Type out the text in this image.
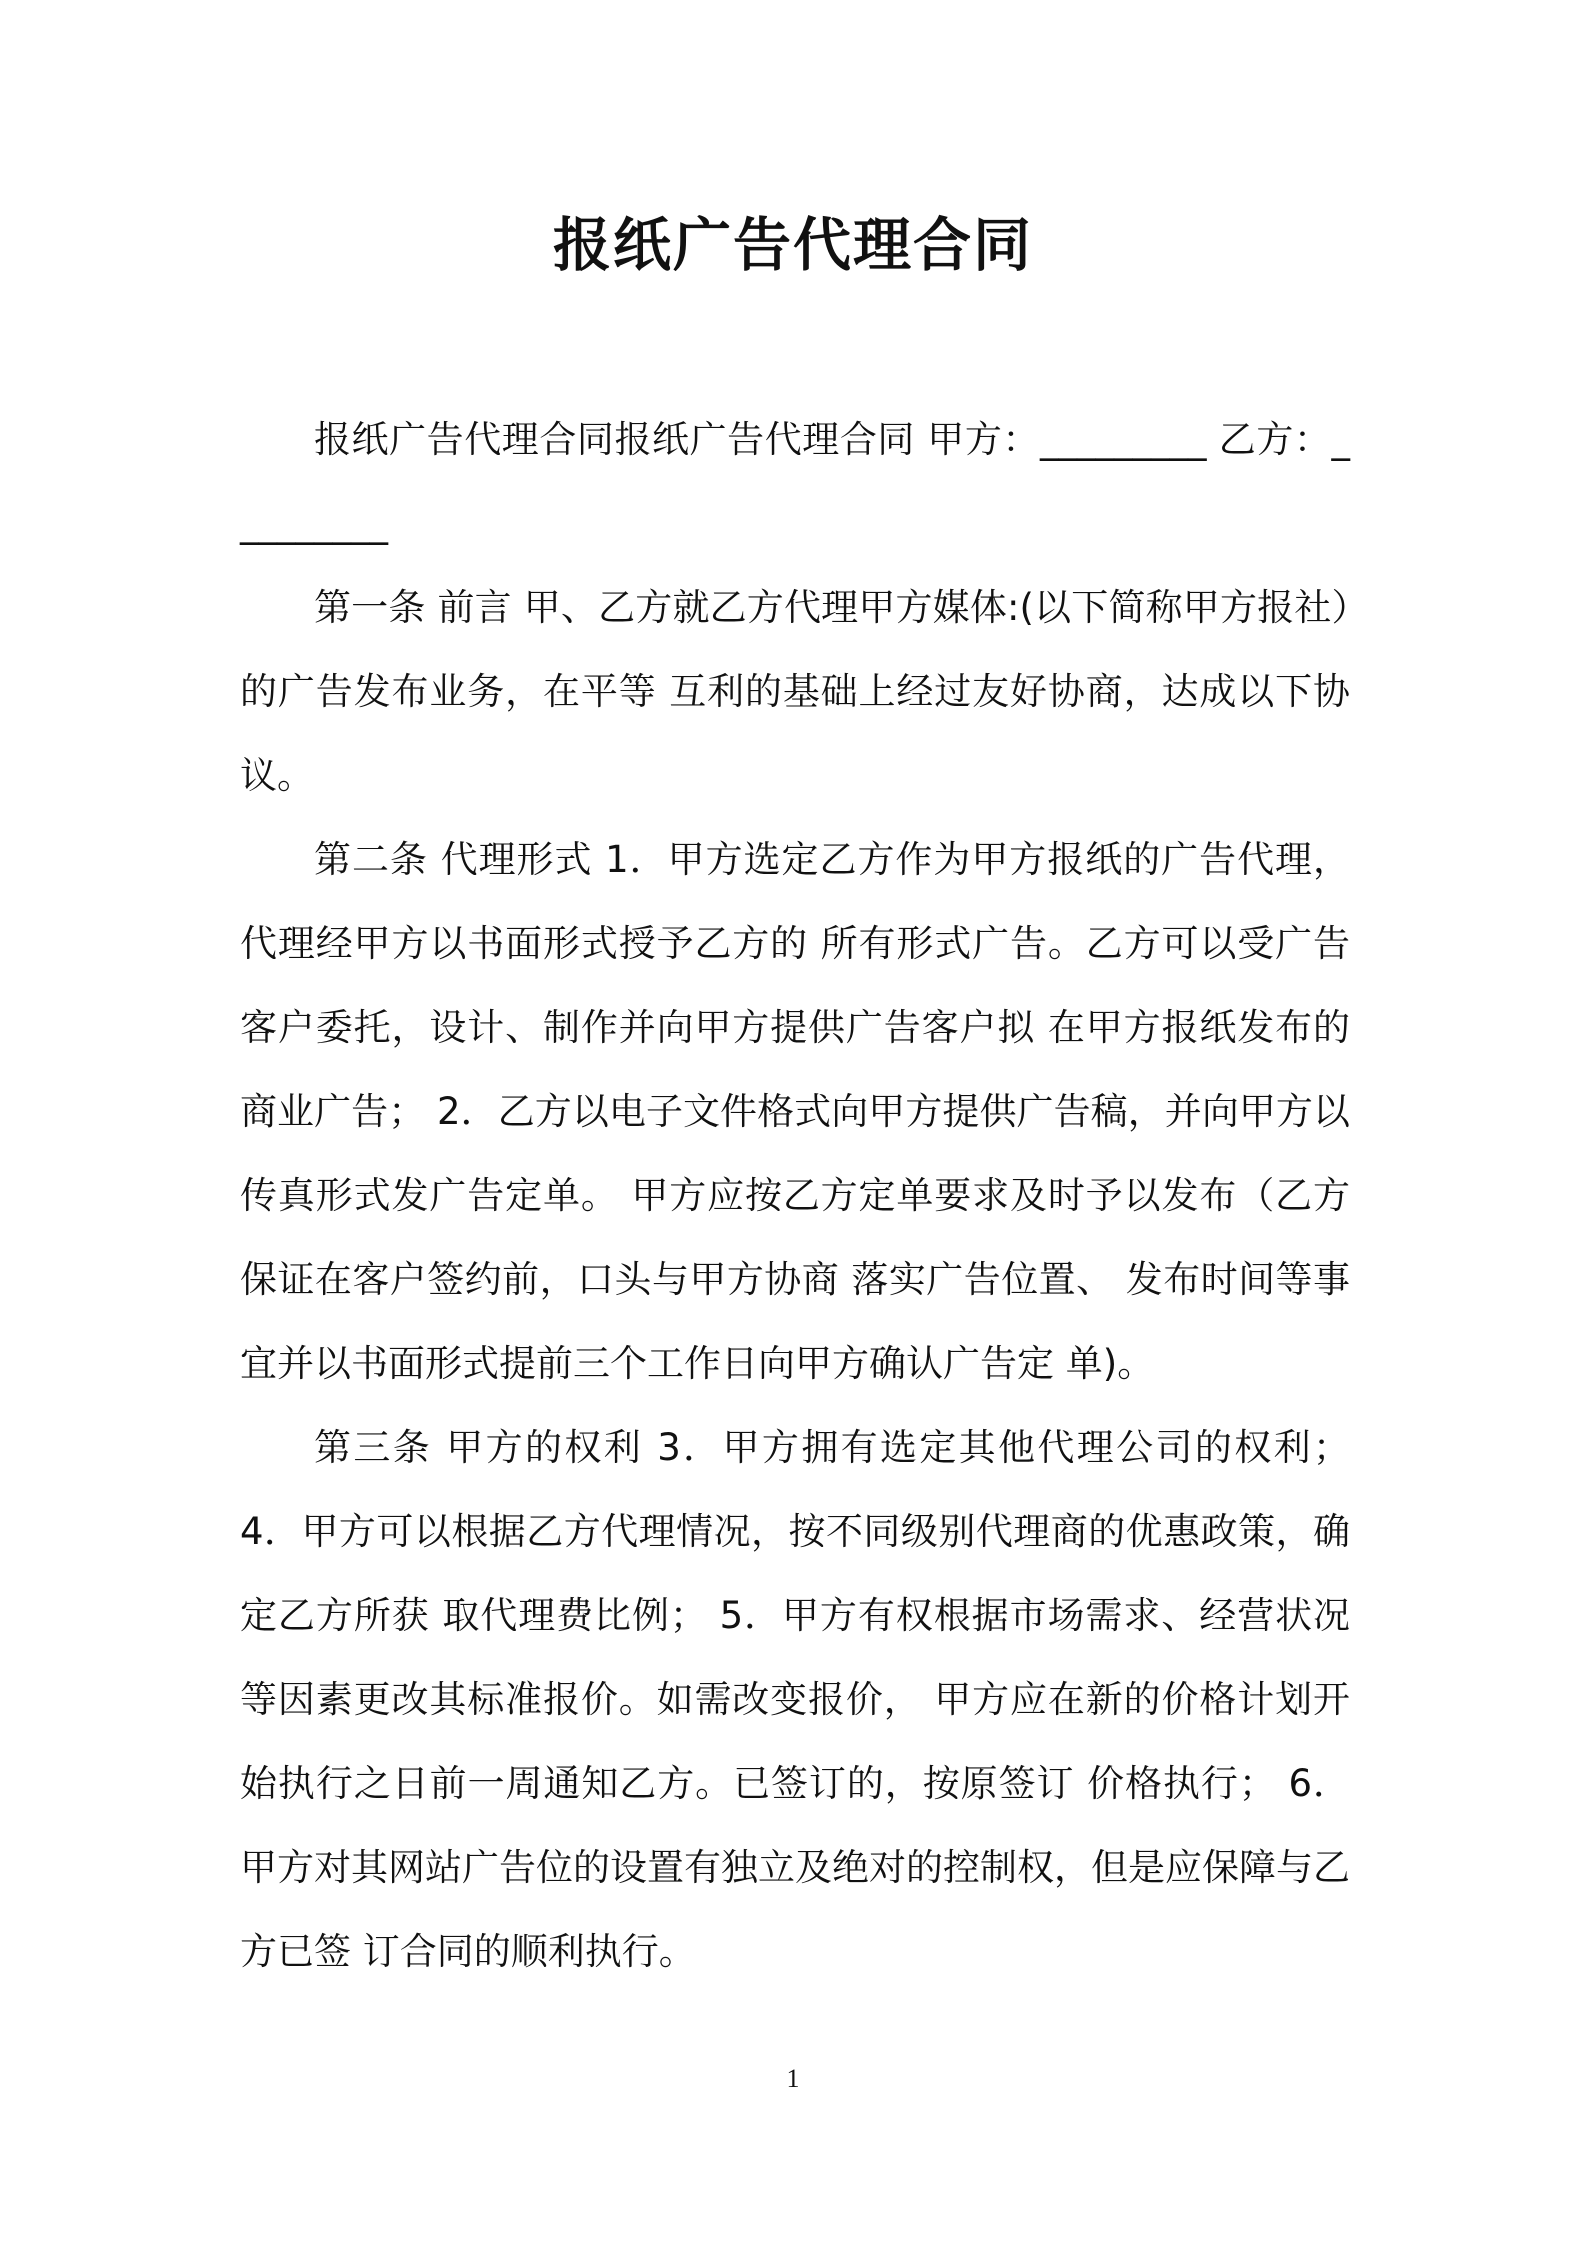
报纸广告代理合同

报纸广告代理合同报纸广告代理合同 甲方：_________ 乙方：_________

第一条 前言 甲、乙方就乙方代理甲方媒体:(以下简称甲方报社）的广告发布业务，在平等 互利的基础上经过友好协商，达成以下协议。

第二条 代理形式 1．甲方选定乙方作为甲方报纸的广告代理，代理经甲方以书面形式授予乙方的 所有形式广告。乙方可以受广告客户委托，设计、制作并向甲方提供广告客户拟 在甲方报纸发布的商业广告； 2．乙方以电子文件格式向甲方提供广告稿，并向甲方以传真形式发广告定单。 甲方应按乙方定单要求及时予以发布（乙方保证在客户签约前，口头与甲方协商 落实广告位置、 发布时间等事宜并以书面形式提前三个工作日向甲方确认广告定 单)。

第三条 甲方的权利 3．甲方拥有选定其他代理公司的权利； 4．甲方可以根据乙方代理情况，按不同级别代理商的优惠政策，确定乙方所获 取代理费比例； 5．甲方有权根据市场需求、经营状况等因素更改其标准报价。如需改变报价， 甲方应在新的价格计划开始执行之日前一周通知乙方。已签订的，按原签订 价格执行； 6．甲方对其网站广告位的设置有独立及绝对的控制权，但是应保障与乙方已签 订合同的顺利执行。

1
